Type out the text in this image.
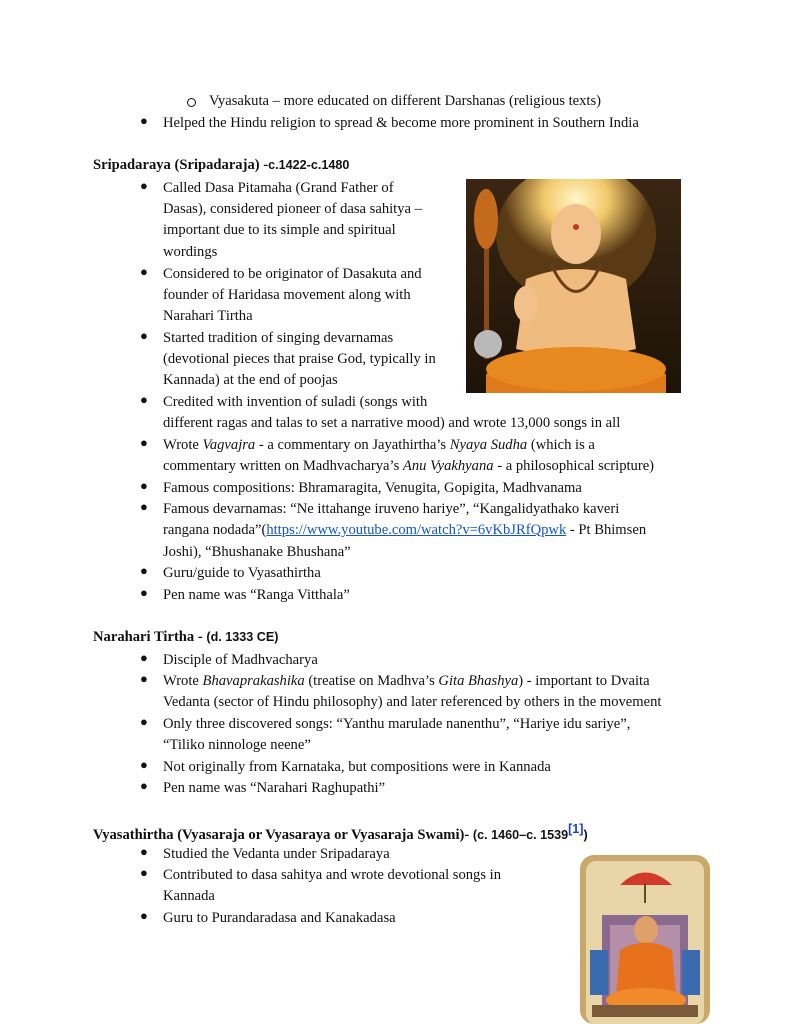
Vyasakuta – more educated on different Darshanas (religious texts)
● Helped the Hindu religion to spread & become more prominent in Southern India
Sripadaraya (Sripadaraja) -c.1422-c.1480
● Called Dasa Pitamaha (Grand Father of
Dasas), considered pioneer of dasa sahitya –
important due to its simple and spiritual
wordings
● Considered to be originator of Dasakuta and
founder of Haridasa movement along with
Narahari Tirtha
● Started tradition of singing devarnamas
(devotional pieces that praise God, typically in
Kannada) at the end of poojas
● Credited with invention of suladi (songs with
different ragas and talas to set a narrative mood) and wrote 13,000 songs in all
● Wrote Vagvajra - a commentary on Jayathirtha’s Nyaya Sudha (which is a
commentary written on Madhvacharya’s Anu Vyakhyana - a philosophical scripture)
● Famous compositions: Bhramaragita, Venugita, Gopigita, Madhvanama
● Famous devarnamas: “Ne ittahange iruveno hariye”, “Kangalidyathako kaveri
rangana nodada”(https://www.youtube.com/watch?v=6vKbJRfQpwk - Pt Bhimsen
Joshi), “Bhushanake Bhushana”
● Guru/guide to Vyasathirtha
● Pen name was “Ranga Vitthala”
Narahari Tirtha - (d. 1333 CE)
● Disciple of Madhvacharya
● Wrote Bhavaprakashika (treatise on Madhva’s Gita Bhashya) - important to Dvaita
Vedanta (sector of Hindu philosophy) and later referenced by others in the movement
● Only three discovered songs: “Yanthu marulade nanenthu”, “Hariye idu sariye”,
“Tiliko ninnologe neene”
● Not originally from Karnataka, but compositions were in Kannada
● Pen name was “Narahari Raghupathi”
Vyasathirtha (Vyasaraja or Vyasaraya or Vyasaraja Swami)- (c. 1460–c. 1539[1])
● Studied the Vedanta under Sripadaraya
● Contributed to dasa sahitya and wrote devotional songs in
Kannada
● Guru to Purandaradasa and Kanakadasa
